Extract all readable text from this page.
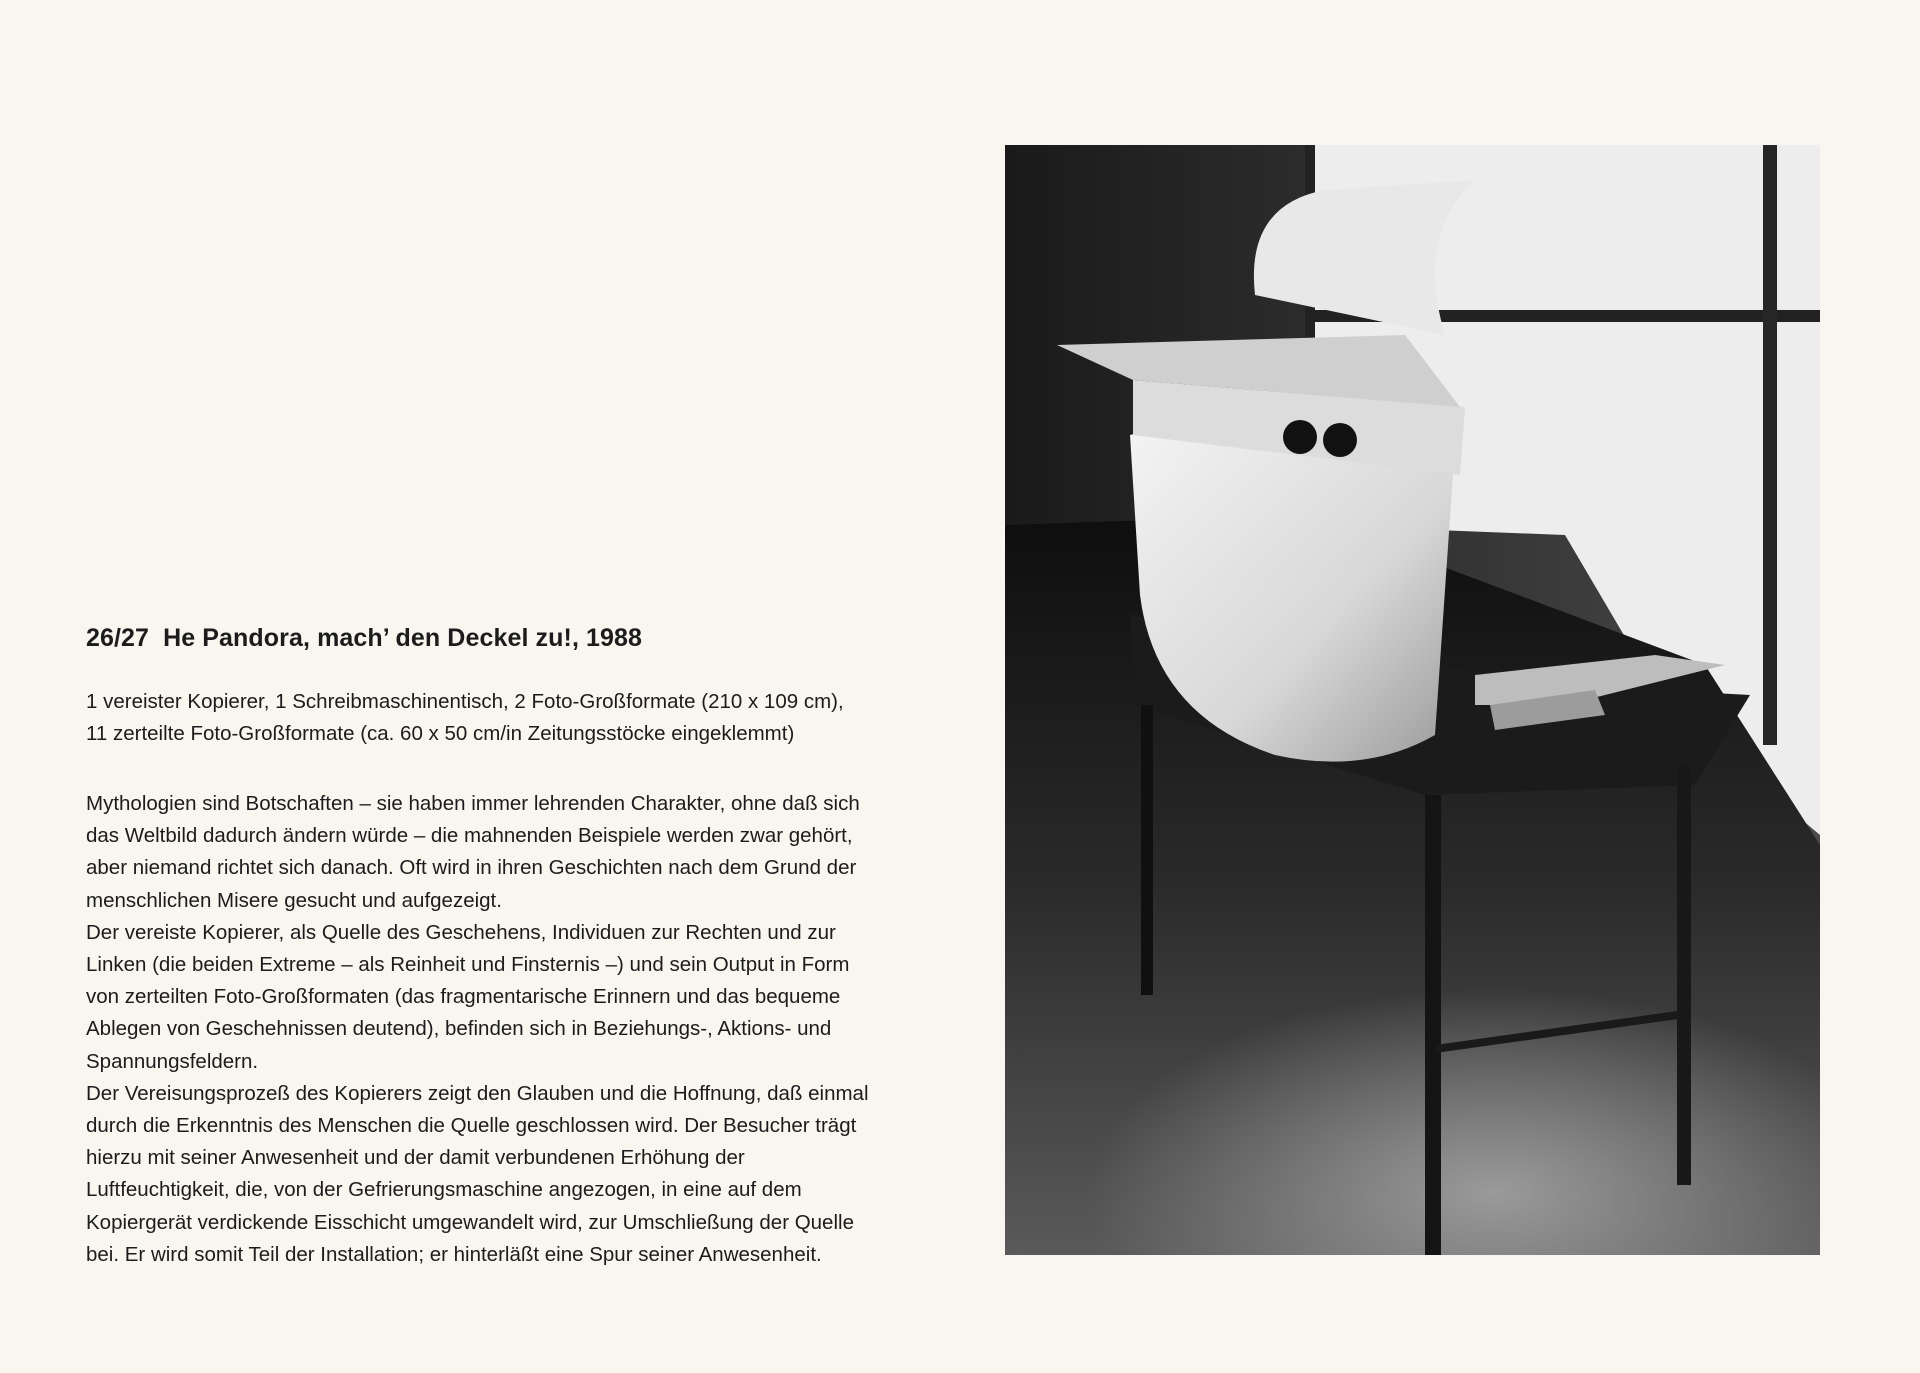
26/27 He Pandora, mach’ den Deckel zu!, 1988
1 vereister Kopierer, 1 Schreibmaschinentisch, 2 Foto-Großformate (210 x 109 cm),
11 zerteilte Foto-Großformate (ca. 60 x 50 cm/in Zeitungsstöcke eingeklemmt)
Mythologien sind Botschaften – sie haben immer lehrenden Charakter, ohne daß sich
das Weltbild dadurch ändern würde – die mahnenden Beispiele werden zwar gehört,
aber niemand richtet sich danach. Oft wird in ihren Geschichten nach dem Grund der
menschlichen Misere gesucht und aufgezeigt.
Der vereiste Kopierer, als Quelle des Geschehens, Individuen zur Rechten und zur
Linken (die beiden Extreme – als Reinheit und Finsternis –) und sein Output in Form
von zerteilten Foto-Großformaten (das fragmentarische Erinnern und das bequeme
Ablegen von Geschehnissen deutend), befinden sich in Beziehungs-, Aktions- und
Spannungsfeldern.
Der Vereisungsprozeß des Kopierers zeigt den Glauben und die Hoffnung, daß einmal
durch die Erkenntnis des Menschen die Quelle geschlossen wird. Der Besucher trägt
hierzu mit seiner Anwesenheit und der damit verbundenen Erhöhung der
Luftfeuchtigkeit, die, von der Gefrierungsmaschine angezogen, in eine auf dem
Kopiergerät verdickende Eisschicht umgewandelt wird, zur Umschließung der Quelle
bei. Er wird somit Teil der Installation; er hinterläßt eine Spur seiner Anwesenheit.
